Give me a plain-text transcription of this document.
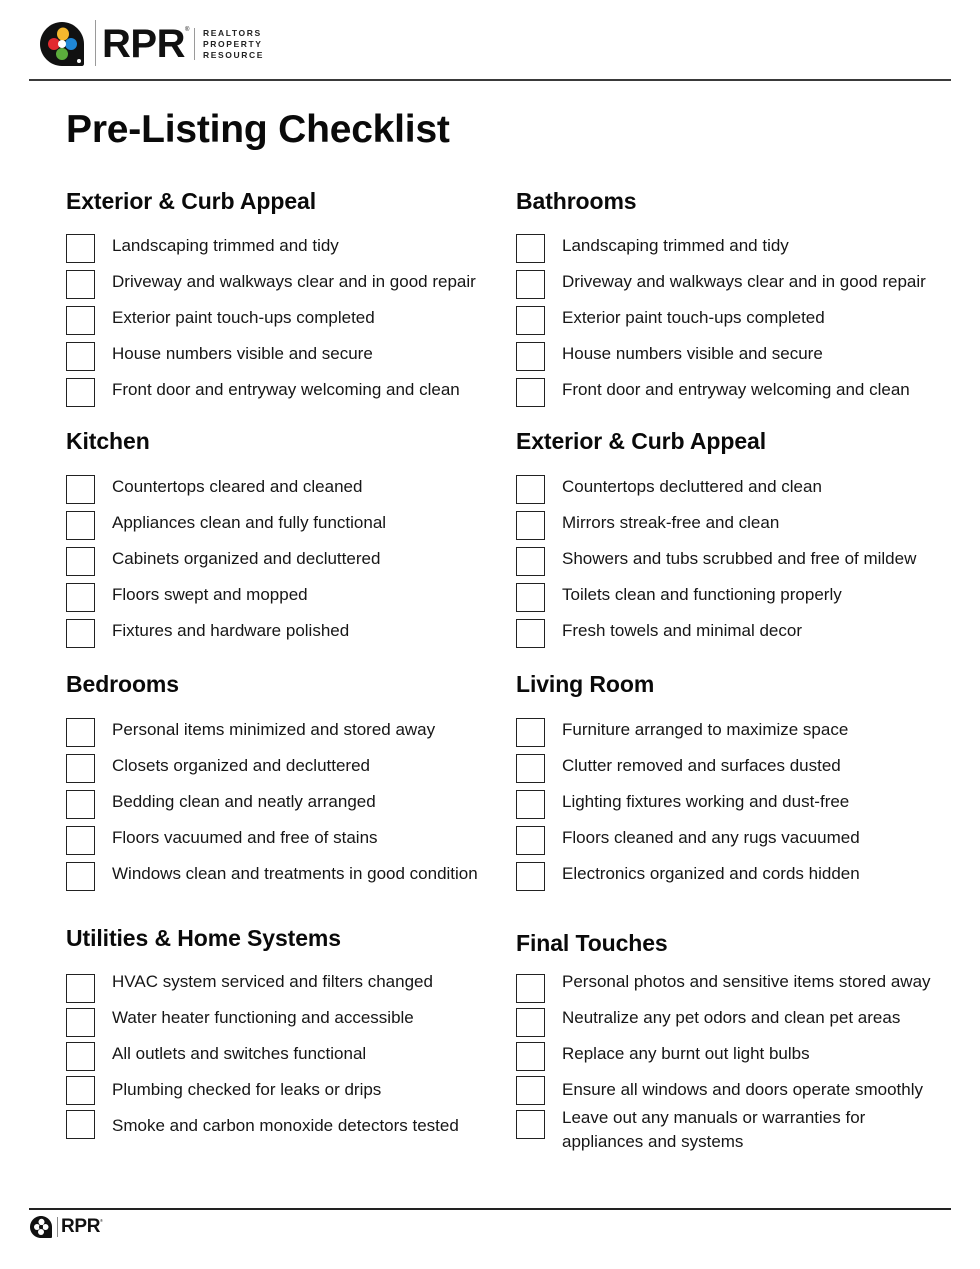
RPR ® REALTORS
PROPERTY
RESOURCE
Pre-Listing Checklist
Exterior & Curb Appeal
Landscaping trimmed and tidy
Driveway and walkways clear and in good repair
Exterior paint touch-ups completed
House numbers visible and secure
Front door and entryway welcoming and clean
Bathrooms
Landscaping trimmed and tidy
Driveway and walkways clear and in good repair
Exterior paint touch-ups completed
House numbers visible and secure
Front door and entryway welcoming and clean
Kitchen
Countertops cleared and cleaned
Appliances clean and fully functional
Cabinets organized and decluttered
Floors swept and mopped
Fixtures and hardware polished
Exterior & Curb Appeal
Countertops decluttered and clean
Mirrors streak-free and clean
Showers and tubs scrubbed and free of mildew
Toilets clean and functioning properly
Fresh towels and minimal decor
Bedrooms
Personal items minimized and stored away
Closets organized and decluttered
Bedding clean and neatly arranged
Floors vacuumed and free of stains
Windows clean and treatments in good condition
Living Room
Furniture arranged to maximize space
Clutter removed and surfaces dusted
Lighting fixtures working and dust-free
Floors cleaned and any rugs vacuumed
Electronics organized and cords hidden
Utilities & Home Systems
HVAC system serviced and filters changed
Water heater functioning and accessible
All outlets and switches functional
Plumbing checked for leaks or drips
Smoke and carbon monoxide detectors tested
Final Touches
Personal photos and sensitive items stored away
Neutralize any pet odors and clean pet areas
Replace any burnt out light bulbs
Ensure all windows and doors operate smoothly
Leave out any manuals or warranties for appliances and systems
RPR ®
